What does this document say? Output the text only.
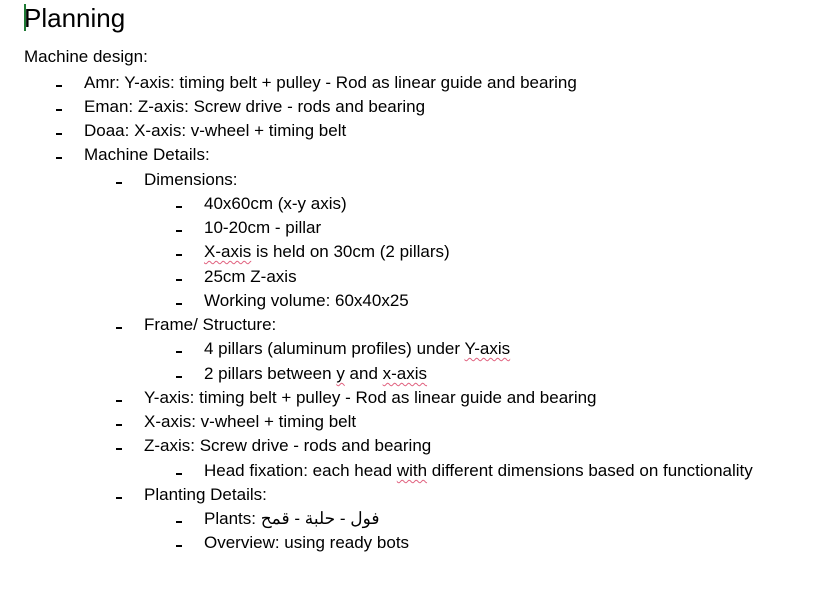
Planning
Machine design:
Amr: Y-axis: timing belt + pulley - Rod as linear guide and bearing
Eman: Z-axis: Screw drive - rods and bearing
Doaa: X-axis: v-wheel + timing belt
Machine Details:
Dimensions:
40x60cm (x-y axis)
10-20cm - pillar
X-axis is held on 30cm (2 pillars)
25cm Z-axis
Working volume: 60x40x25
Frame/ Structure:
4 pillars (aluminum profiles) under Y-axis
2 pillars between y and x-axis
Y-axis: timing belt + pulley - Rod as linear guide and bearing
X-axis: v-wheel + timing belt
Z-axis: Screw drive - rods and bearing
Head fixation: each head with different dimensions based on functionality
Planting Details:
Plants: فول - حلبة - قمح
Overview: using ready bots
